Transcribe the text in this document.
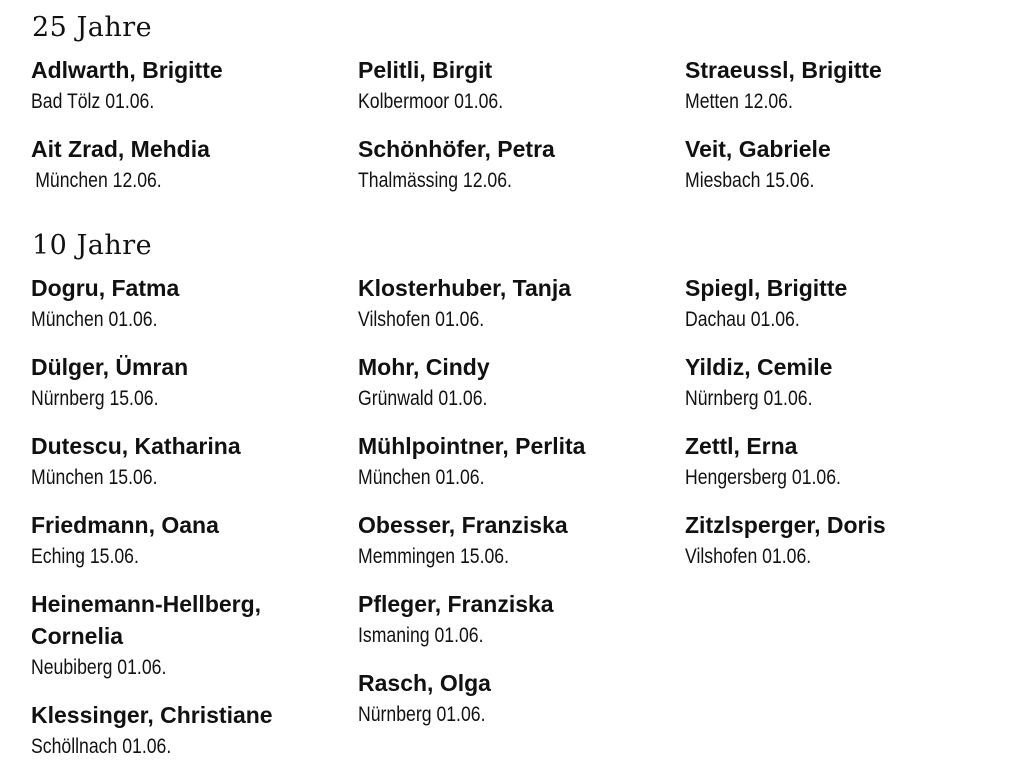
25 Jahre
Adlwarth, Brigitte
Bad Tölz 01.06.
Ait Zrad, Mehdia
München 12.06.
Pelitli, Birgit
Kolbermoor 01.06.
Schönhöfer, Petra
Thalmässing 12.06.
Straeussl, Brigitte
Metten 12.06.
Veit, Gabriele
Miesbach 15.06.
10 Jahre
Dogru, Fatma
München 01.06.
Dülger, Ümran
Nürnberg 15.06.
Dutescu, Katharina
München 15.06.
Friedmann, Oana
Eching 15.06.
Heinemann-Hellberg, Cornelia
Neubiberg 01.06.
Klessinger, Christiane
Schöllnach 01.06.
Klosterhuber, Tanja
Vilshofen 01.06.
Mohr, Cindy
Grünwald 01.06.
Mühlpointner, Perlita
München 01.06.
Obesser, Franziska
Memmingen 15.06.
Pfleger, Franziska
Ismaning 01.06.
Rasch, Olga
Nürnberg 01.06.
Spiegl, Brigitte
Dachau 01.06.
Yildiz, Cemile
Nürnberg 01.06.
Zettl, Erna
Hengersberg 01.06.
Zitzlsperger, Doris
Vilshofen 01.06.
